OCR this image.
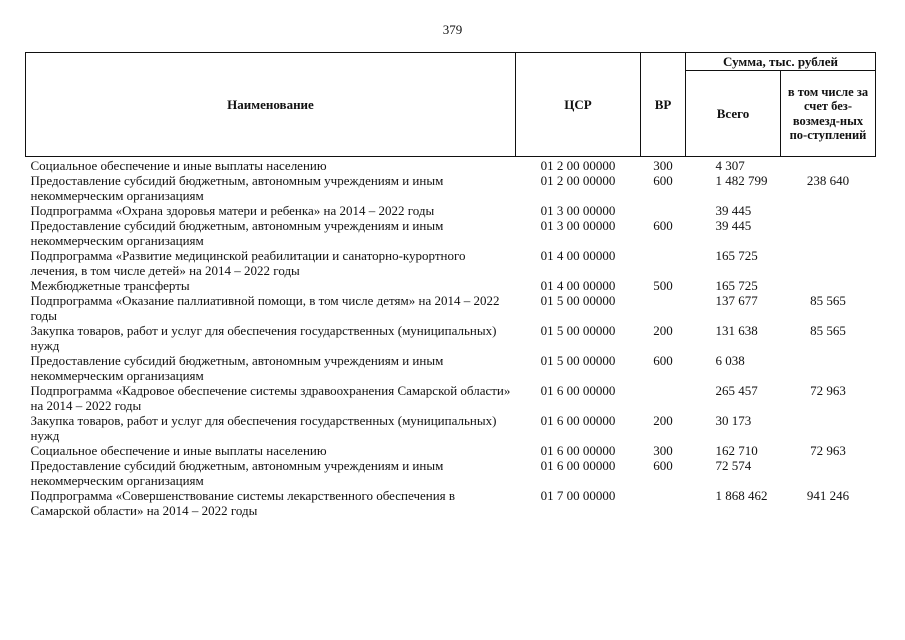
379
Наименование	ЦСР	ВР	Сумма, тыс. рублей	
			Всего	в том числе за счет без-возмезд-ных по-ступлений
Социальное обеспечение и иные выплаты населению	01 2 00 00000	300	4 307	
Предоставление субсидий бюджетным, автономным учреждениям и иным некоммерческим организациям	01 2 00 00000	600	1 482 799	238 640
Подпрограмма «Охрана здоровья матери и ребенка» на 2014 – 2022 годы	01 3 00 00000		39 445	
Предоставление субсидий бюджетным, автономным учреждениям и иным некоммерческим организациям	01 3 00 00000	600	39 445	
Подпрограмма «Развитие медицинской реабилитации и санаторно-курортного лечения, в том числе детей» на 2014 – 2022 годы	01 4 00 00000		165 725	
Межбюджетные трансферты	01 4 00 00000	500	165 725	
Подпрограмма «Оказание паллиативной помощи, в том числе детям» на 2014 – 2022 годы	01 5 00 00000		137 677	85 565
Закупка товаров, работ и услуг для обеспечения государственных (муниципальных) нужд	01 5 00 00000	200	131 638	85 565
Предоставление субсидий бюджетным, автономным учреждениям и иным некоммерческим организациям	01 5 00 00000	600	6 038	
Подпрограмма «Кадровое обеспечение системы здравоохранения Самарской области» на 2014 – 2022 годы	01 6 00 00000		265 457	72 963
Закупка товаров, работ и услуг для обеспечения государственных (муниципальных) нужд	01 6 00 00000	200	30 173	
Социальное обеспечение и иные выплаты населению	01 6 00 00000	300	162 710	72 963
Предоставление субсидий бюджетным, автономным учреждениям и иным некоммерческим организациям	01 6 00 00000	600	72 574	
Подпрограмма «Совершенствование системы лекарственного обеспечения в Самарской области» на 2014 – 2022 годы	01 7 00 00000		1 868 462	941 246
